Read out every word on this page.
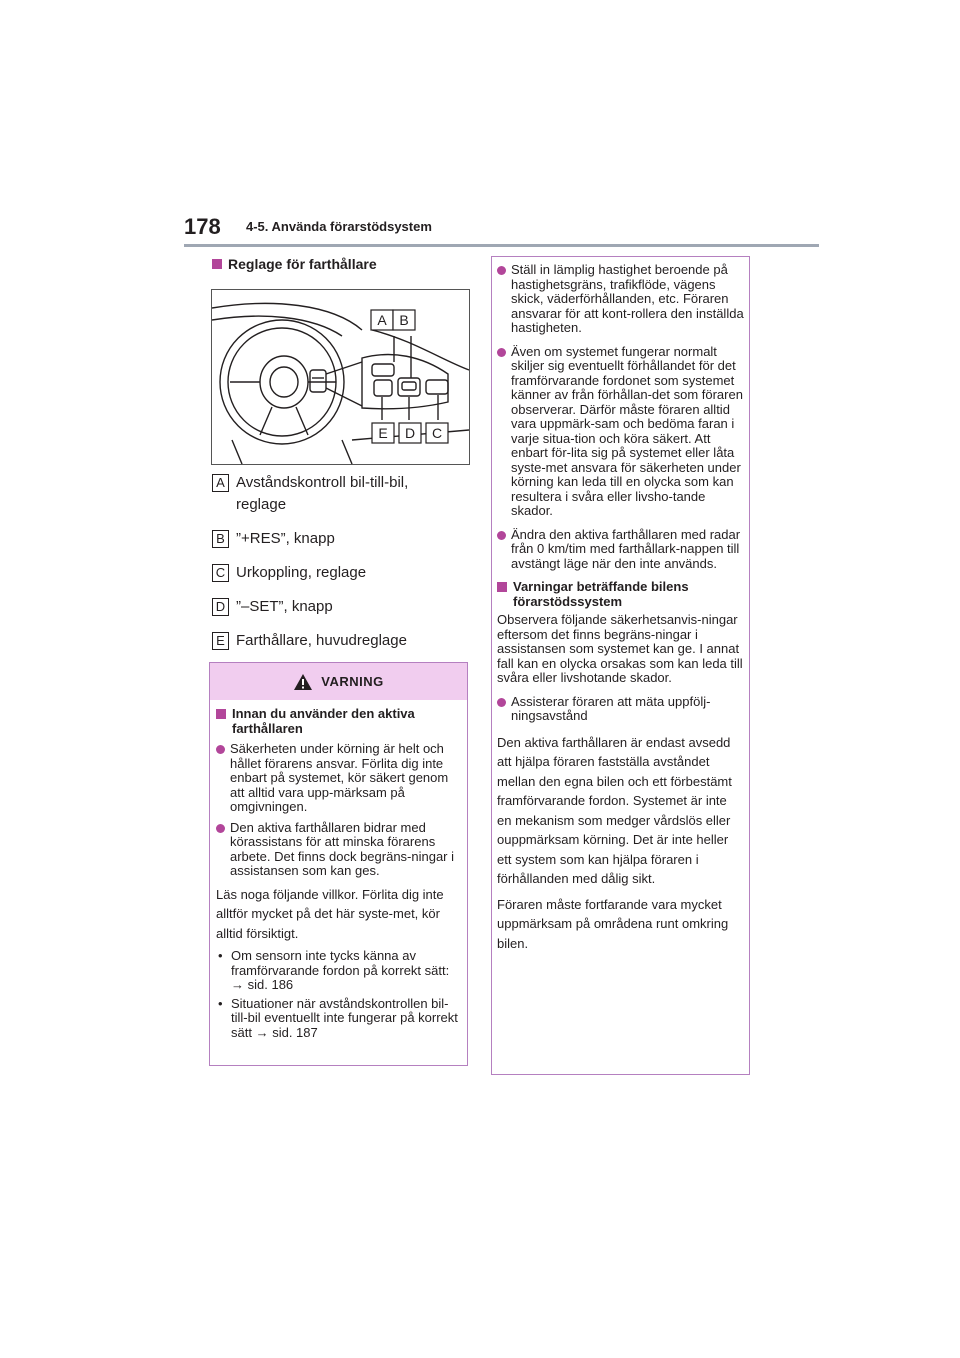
178 4-5. Använda förarstödsystem
Reglage för farthållare
A B
E D C
A Avståndskontroll bil-till-bil, reglage
B ”+RES”, knapp
C Urkoppling, reglage
D ”–SET”, knapp
E Farthållare, huvudreglage
VARNING
Innan du använder den aktiva farthållaren
Säkerheten under körning är helt och hållet förarens ansvar. Förlita dig inte enbart på systemet, kör säkert genom att alltid vara upp-märksam på omgivningen.
Den aktiva farthållaren bidrar med körassistans för att minska förarens arbete. Det finns dock begräns-ningar i assistansen som kan ges.
Läs noga följande villkor. Förlita dig inte alltför mycket på det här syste-met, kör alltid försiktigt.
• Om sensorn inte tycks känna av framförvarande fordon på korrekt sätt: → sid. 186
• Situationer när avståndskontrollen bil-till-bil eventuellt inte fungerar på korrekt sätt → sid. 187
Ställ in lämplig hastighet beroende på hastighetsgräns, trafikflöde, vägens skick, väderförhållanden, etc. Föraren ansvarar för att kont-rollera den inställda hastigheten.
Även om systemet fungerar normalt skiljer sig eventuellt förhållandet för det framförvarande fordonet som systemet känner av från förhållan-det som föraren observerar. Därför måste föraren alltid vara uppmärk-sam och bedöma faran i varje situa-tion och köra säkert. Att enbart för-lita sig på systemet eller låta syste-met ansvara för säkerheten under körning kan leda till en olycka som kan resultera i svåra eller livsho-tande skador.
Ändra den aktiva farthållaren med radar från 0 km/tim med farthållark-nappen till avstängt läge när den inte används.
Varningar beträffande bilens förarstödssystem
Observera följande säkerhetsanvis-ningar eftersom det finns begräns-ningar i assistansen som systemet kan ge. I annat fall kan en olycka orsakas som kan leda till svåra eller livshotande skador.
Assisterar föraren att mäta uppfölj-ningsavstånd
Den aktiva farthållaren är endast avsedd att hjälpa föraren fastställa avståndet mellan den egna bilen och ett förbestämt framförvarande fordon. Systemet är inte en mekanism som medger vårdslös eller ouppmärksam körning. Det är inte heller ett system som kan hjälpa föraren i förhållanden med dålig sikt.
Föraren måste fortfarande vara mycket uppmärksam på områdena runt omkring bilen.
